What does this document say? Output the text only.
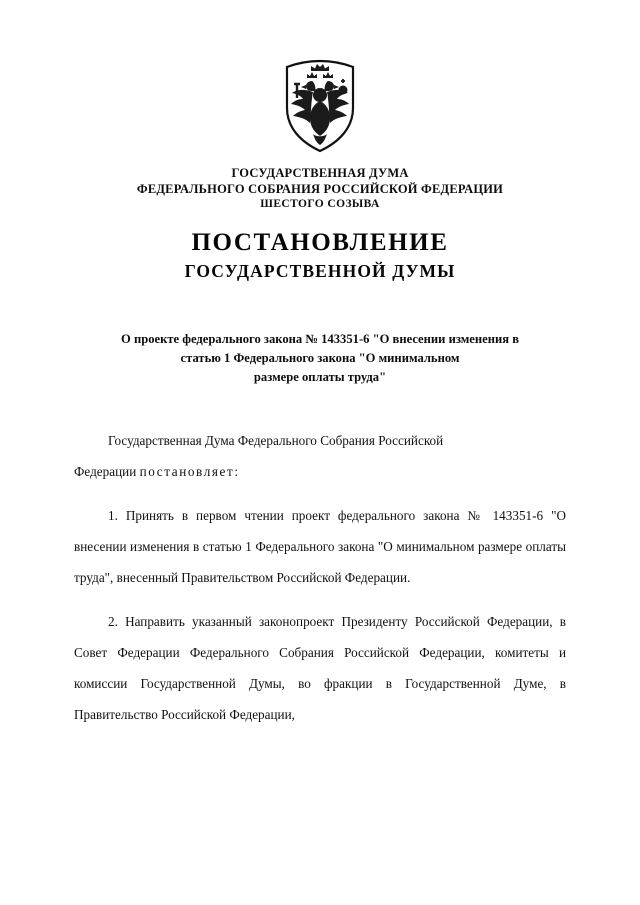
ГОСУДАРСТВЕННАЯ ДУМА
ФЕДЕРАЛЬНОГО СОБРАНИЯ РОССИЙСКОЙ ФЕДЕРАЦИИ
ШЕСТОГО СОЗЫВА
ПОСТАНОВЛЕНИЕ
ГОСУДАРСТВЕННОЙ ДУМЫ
О проекте федерального закона № 143351-6 "О внесении изменения в
статью 1 Федерального закона "О минимальном
размере оплаты труда"

Государственная Дума Федерального Собрания Российской
Федерации постановляет:

1. Принять в первом чтении проект федерального закона № 143351-6 "О внесении изменения в статью 1 Федерального закона "О минимальном размере оплаты труда", внесенный Правительством Российской Федерации.

2. Направить указанный законопроект Президенту Российской Федерации, в Совет Федерации Федерального Собрания Российской Федерации, комитеты и комиссии Государственной Думы, во фракции в Государственной Думе, в Правительство Российской Федерации,
